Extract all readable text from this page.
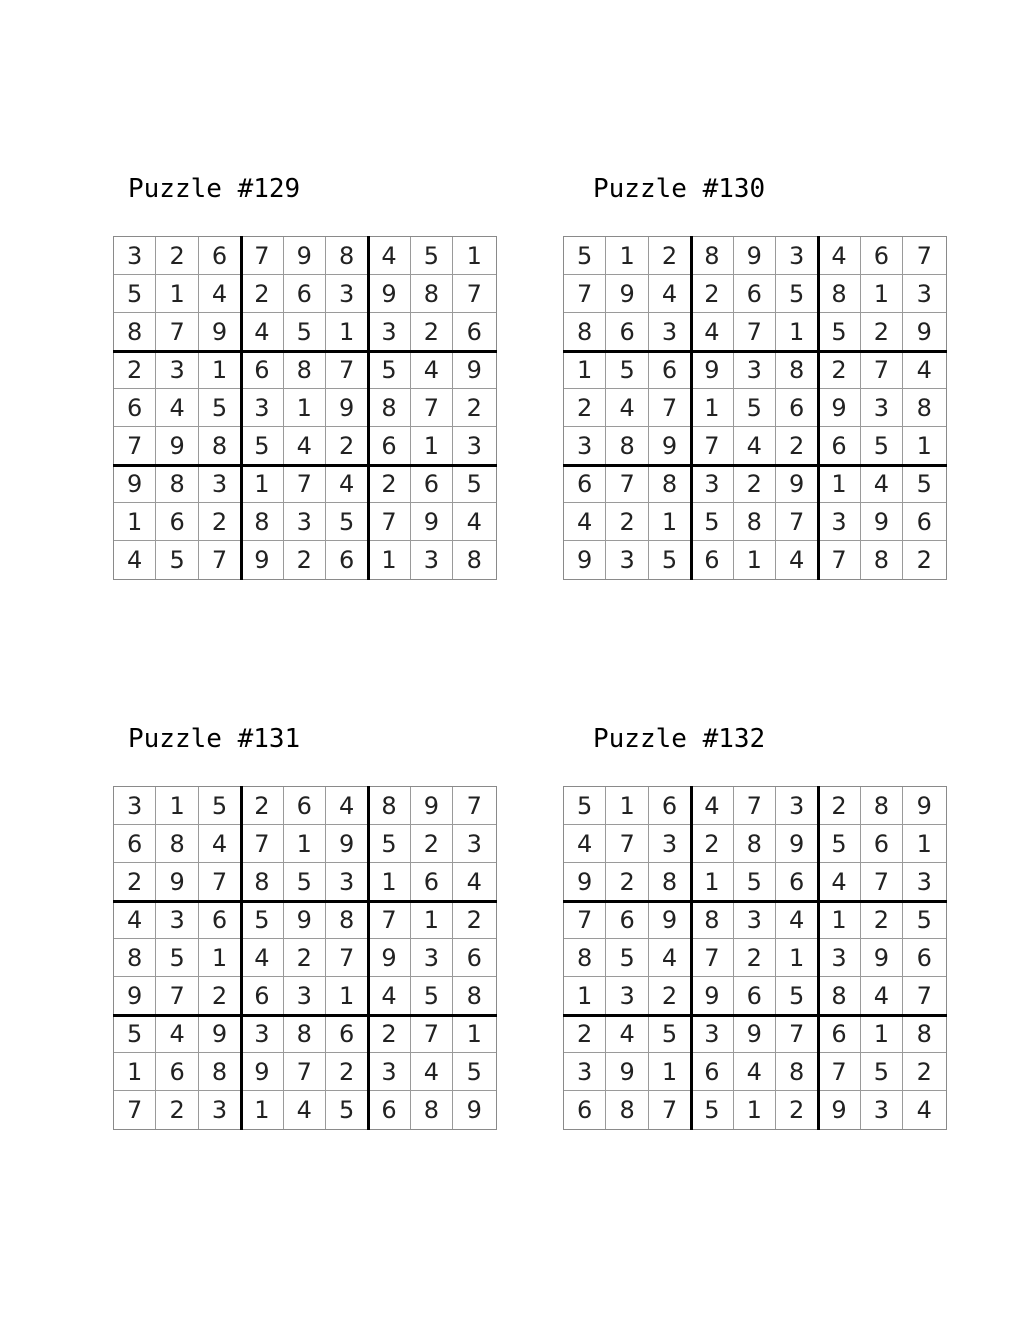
Puzzle #129
3	2	6	7	9	8	4	5	1
5	1	4	2	6	3	9	8	7
8	7	9	4	5	1	3	2	6
2	3	1	6	8	7	5	4	9
6	4	5	3	1	9	8	7	2
7	9	8	5	4	2	6	1	3
9	8	3	1	7	4	2	6	5
1	6	2	8	3	5	7	9	4
4	5	7	9	2	6	1	3	8
Puzzle #130
5	1	2	8	9	3	4	6	7
7	9	4	2	6	5	8	1	3
8	6	3	4	7	1	5	2	9
1	5	6	9	3	8	2	7	4
2	4	7	1	5	6	9	3	8
3	8	9	7	4	2	6	5	1
6	7	8	3	2	9	1	4	5
4	2	1	5	8	7	3	9	6
9	3	5	6	1	4	7	8	2
Puzzle #131
3	1	5	2	6	4	8	9	7
6	8	4	7	1	9	5	2	3
2	9	7	8	5	3	1	6	4
4	3	6	5	9	8	7	1	2
8	5	1	4	2	7	9	3	6
9	7	2	6	3	1	4	5	8
5	4	9	3	8	6	2	7	1
1	6	8	9	7	2	3	4	5
7	2	3	1	4	5	6	8	9
Puzzle #132
5	1	6	4	7	3	2	8	9
4	7	3	2	8	9	5	6	1
9	2	8	1	5	6	4	7	3
7	6	9	8	3	4	1	2	5
8	5	4	7	2	1	3	9	6
1	3	2	9	6	5	8	4	7
2	4	5	3	9	7	6	1	8
3	9	1	6	4	8	7	5	2
6	8	7	5	1	2	9	3	4
